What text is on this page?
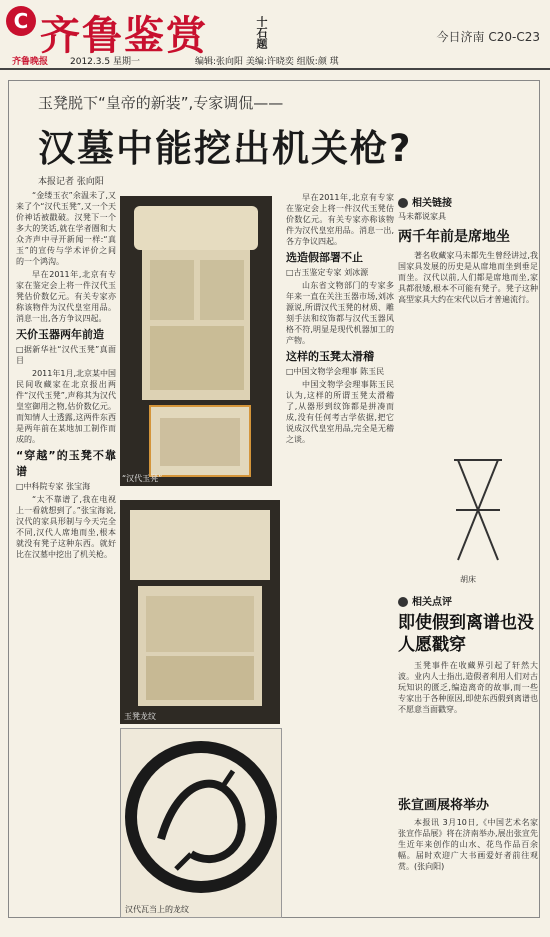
C 齐鲁鉴赏	十石题	今日济南 C20-C23
齐鲁晚报 2012.3.5 星期一	编辑:张向阳 美编:许晓奕 组版:颜 琪
玉凳脱下“皇帝的新装”,专家调侃——
汉墓中能挖出机关枪?
本报记者 张向阳

“金缕玉衣”余温未了,又来了个“汉代玉凳”,又一个天价神话被戳破。汉凳下一个多大的笑话,就在学者圈和大众齐声中寻开新闻一样:“真玉”的宣传与学术评价之间的一个鸿沟。

早在2011年,北京有专家在鉴定会上将一件汉代玉凳估价数亿元。有关专家亦称该物件为汉代皇室用品。消息一出,各方争议四起。

天价玉器两年前造

□据新华社“汉代玉凳”真面目

2011年1月,北京某中国民间收藏家在北京报出两件“汉代玉凳”,声称其为汉代皇室御用之物,估价数亿元。而知情人士透露,这两件东西是两年前在某地加工制作而成的。

“穿越”的玉凳不靠谱

□中科院专家 张宝海

“太不靠谱了,我在电视上一看就想到了。”张宝海说,汉代的家具形制与今天完全不同,汉代人席地而坐,根本就没有凳子这种东西。就好比在汉墓中挖出了机关枪。

“汉代玉凳”
玉凳龙纹
汉代瓦当上的龙纹

早在2011年,北京有专家在鉴定会上将一件汉代玉凳估价数亿元。有关专家亦称该物件为汉代皇室用品。消息一出,各方争议四起。

选造假部署不止

□古玉鉴定专家 刘冰源

山东省文物部门的专家多年来一直在关注玉器市场,刘冰源说,所谓汉代玉凳的材质、雕刻手法和纹饰都与汉代玉器风格不符,明显是现代机器加工的产物。

这样的玉凳太滑稽

□中国文物学会理事 陈玉民

中国文物学会理事陈玉民认为,这样的所谓玉凳太滑稽了,从器形到纹饰都是拼凑而成,没有任何考古学依据,把它说成汉代皇室用品,完全是无稽之谈。

相关链接
马未都说家具
两千年前是席地坐

著名收藏家马未都先生曾经讲过,我国家具发展的历史是从席地而坐到垂足而坐。汉代以前,人们都是席地而坐,家具都很矮,根本不可能有凳子。凳子这种高型家具大约在宋代以后才普遍流行。

胡床
相关点评
即使假到离谱也没人愿戳穿

玉凳事件在收藏界引起了轩然大波。业内人士指出,造假者利用人们对古玩知识的匮乏,编造离奇的故事,而一些专家出于各种原因,即使东西假到离谱也不愿意当面戳穿。

张宣画展将举办

本报讯 3月10日,《中国艺术名家张宣作品展》将在济南举办,展出张宣先生近年来创作的山水、花鸟作品百余幅。届时欢迎广大书画爱好者前往观赏。(张向阳)
